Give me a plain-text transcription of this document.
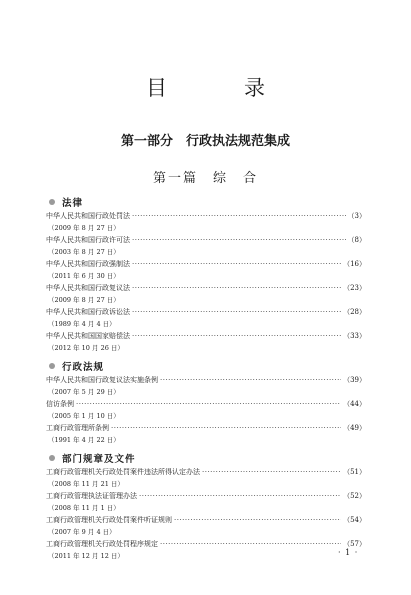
目　录
第一部分　行政执法规范集成
第一篇　综　合
法律
中华人民共和国行政处罚法 ·····	（3）
（2009 年 8 月 27 日）
中华人民共和国行政许可法 ·····	（8）
（2003 年 8 月 27 日）
中华人民共和国行政强制法 ·····	（16）
（2011 年 6 月 30 日）
中华人民共和国行政复议法 ·····	（23）
（2009 年 8 月 27 日）
中华人民共和国行政诉讼法 ·····	（28）
（1989 年 4 月 4 日）
中华人民共和国国家赔偿法 ·····	（33）
（2012 年 10 月 26 日）
行政法规
中华人民共和国行政复议法实施条例 ·····	（39）
（2007 年 5 月 29 日）
信访条例 ·····	（44）
（2005 年 1 月 10 日）
工商行政管理所条例 ·····	（49）
（1991 年 4 月 22 日）
部门规章及文件
工商行政管理机关行政处罚案件违法所得认定办法 ·····	（51）
（2008 年 11 月 21 日）
工商行政管理执法证管理办法 ·····	（52）
（2008 年 11 月 1 日）
工商行政管理机关行政处罚案件听证规则 ·····	（54）
（2007 年 9 月 4 日）
工商行政管理机关行政处罚程序规定 ·····	（57）
（2011 年 12 月 12 日）	· 1 ·
